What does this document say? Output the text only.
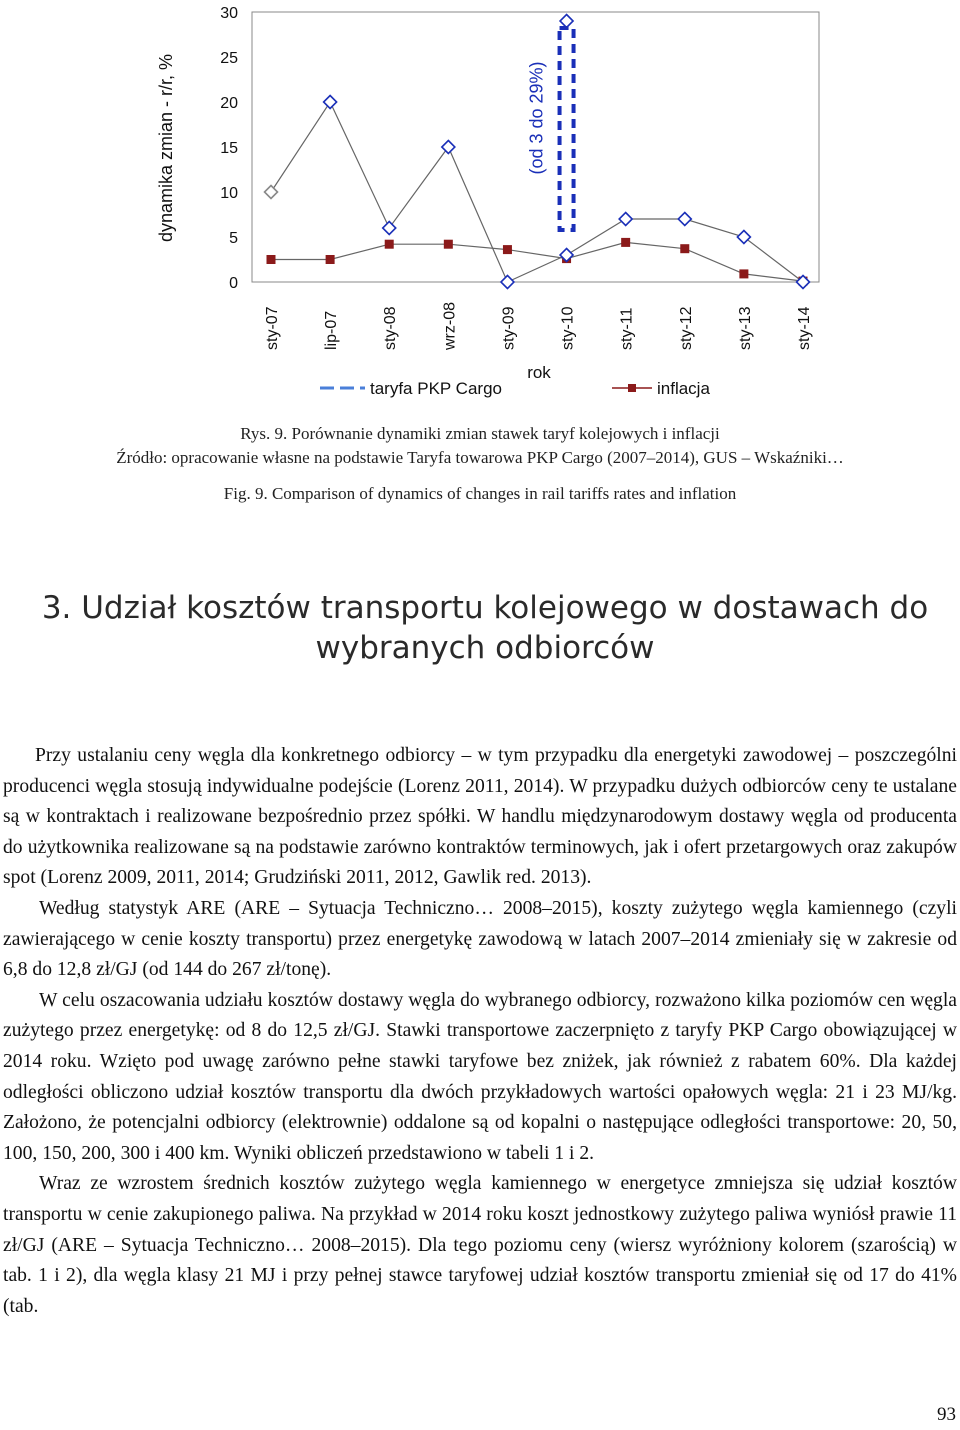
dynamika zmian - r/r, %
0
5
10
15
20
25
30
sty-07	lip-07	sty-08	wrz-08	sty-09	sty-10	sty-11	sty-12	sty-13	sty-14
(od 3 do 29%)
rok
taryfa PKP Cargo	inflacja
Rys. 9. Porównanie dynamiki zmian stawek taryf kolejowych i inflacji
Źródło: opracowanie własne na podstawie Taryfa towarowa PKP Cargo (2007–2014), GUS – Wskaźniki…
Fig. 9. Comparison of dynamics of changes in rail tariffs rates and inflation
3. Udział kosztów transportu kolejowego w dostawach do
wybranych odbiorców

Przy ustalaniu ceny węgla dla konkretnego odbiorcy – w tym przypadku dla energetyki zawodowej – poszczególni producenci węgla stosują indywidualne podejście (Lorenz 2011, 2014). W przypadku dużych odbiorców ceny te ustalane są w kontraktach i realizowane bezpośrednio przez spółki. W handlu międzynarodowym dostawy węgla od producenta do użytkownika realizowane są na podstawie zarówno kontraktów terminowych, jak i ofert przetargowych oraz zakupów spot (Lorenz 2009, 2011, 2014; Grudziński 2011, 2012, Gawlik red. 2013).

Według statystyk ARE (ARE – Sytuacja Techniczno… 2008–2015), koszty zużytego węgla kamiennego (czyli zawierającego w cenie koszty transportu) przez energetykę zawodową w latach 2007–2014 zmieniały się w zakresie od 6,8 do 12,8 zł/GJ (od 144 do 267 zł/tonę).

W celu oszacowania udziału kosztów dostawy węgla do wybranego odbiorcy, rozważono kilka poziomów cen węgla zużytego przez energetykę: od 8 do 12,5 zł/GJ. Stawki transportowe zaczerpnięto z taryfy PKP Cargo obowiązującej w 2014 roku. Wzięto pod uwagę zarówno pełne stawki taryfowe bez zniżek, jak również z rabatem 60%. Dla każdej odległości obliczono udział kosztów transportu dla dwóch przykładowych wartości opałowych węgla: 21 i 23 MJ/kg. Założono, że potencjalni odbiorcy (elektrownie) oddalone są od kopalni o następujące odległości transportowe: 20, 50, 100, 150, 200, 300 i 400 km. Wyniki obliczeń przedstawiono w tabeli 1 i 2.

Wraz ze wzrostem średnich kosztów zużytego węgla kamiennego w energetyce zmniejsza się udział kosztów transportu w cenie zakupionego paliwa. Na przykład w 2014 roku koszt jednostkowy zużytego paliwa wyniósł prawie 11 zł/GJ (ARE – Sytuacja Techniczno… 2008–2015). Dla tego poziomu ceny (wiersz wyróżniony kolorem (szarością) w tab. 1 i 2), dla węgla klasy 21 MJ i przy pełnej stawce taryfowej udział kosztów transportu zmieniał się od 17 do 41% (tab.

93
